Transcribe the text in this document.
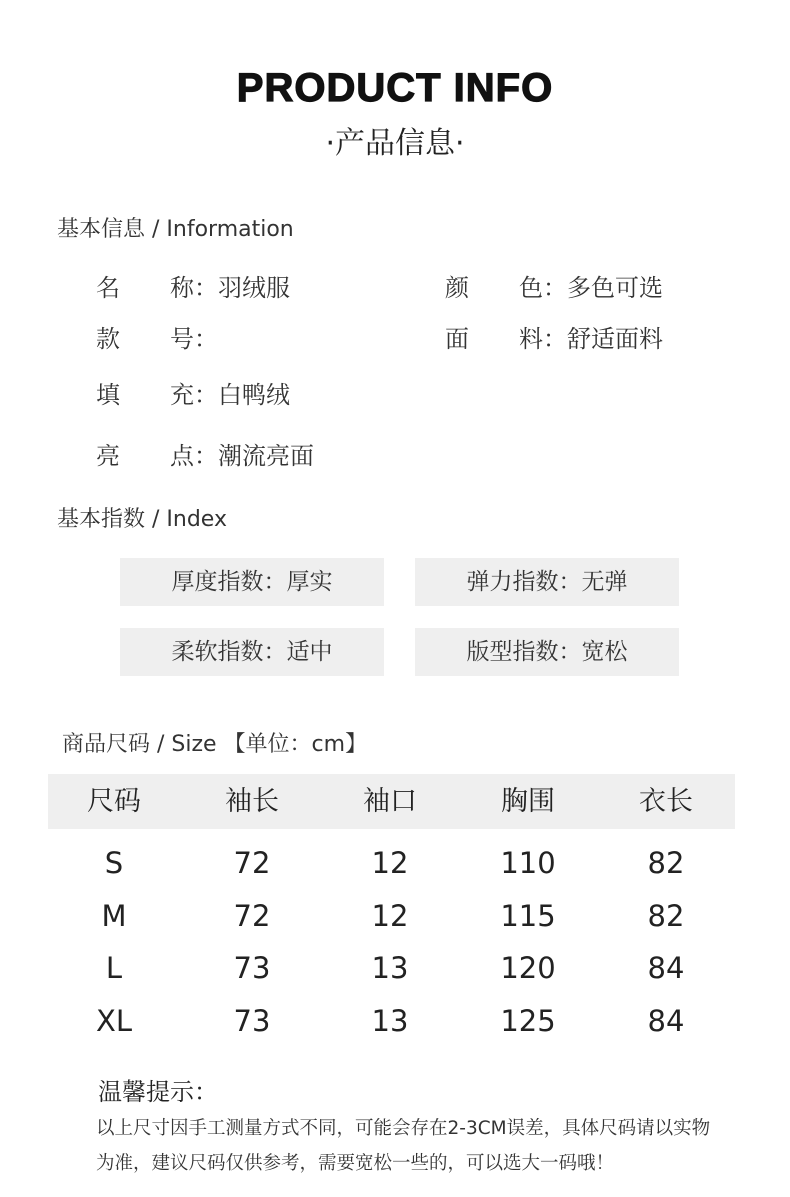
PRODUCT INFO
·产品信息·
基本信息 / Information
名称：羽绒服	颜色：多色可选
款号：	面料：舒适面料
填充：白鸭绒
亮点：潮流亮面
基本指数 / Index
厚度指数：厚实	弹力指数：无弹
柔软指数：适中	版型指数：宽松
商品尺码 / Size 【单位：cm】
尺码	袖长	袖口	胸围	衣长
S	72	12	110	82
M	72	12	115	82
L	73	13	120	84
XL	73	13	125	84
温馨提示：
以上尺寸因手工测量方式不同，可能会存在2-3CM误差，具体尺码请以实物
为准，建议尺码仅供参考，需要宽松一些的，可以选大一码哦！
